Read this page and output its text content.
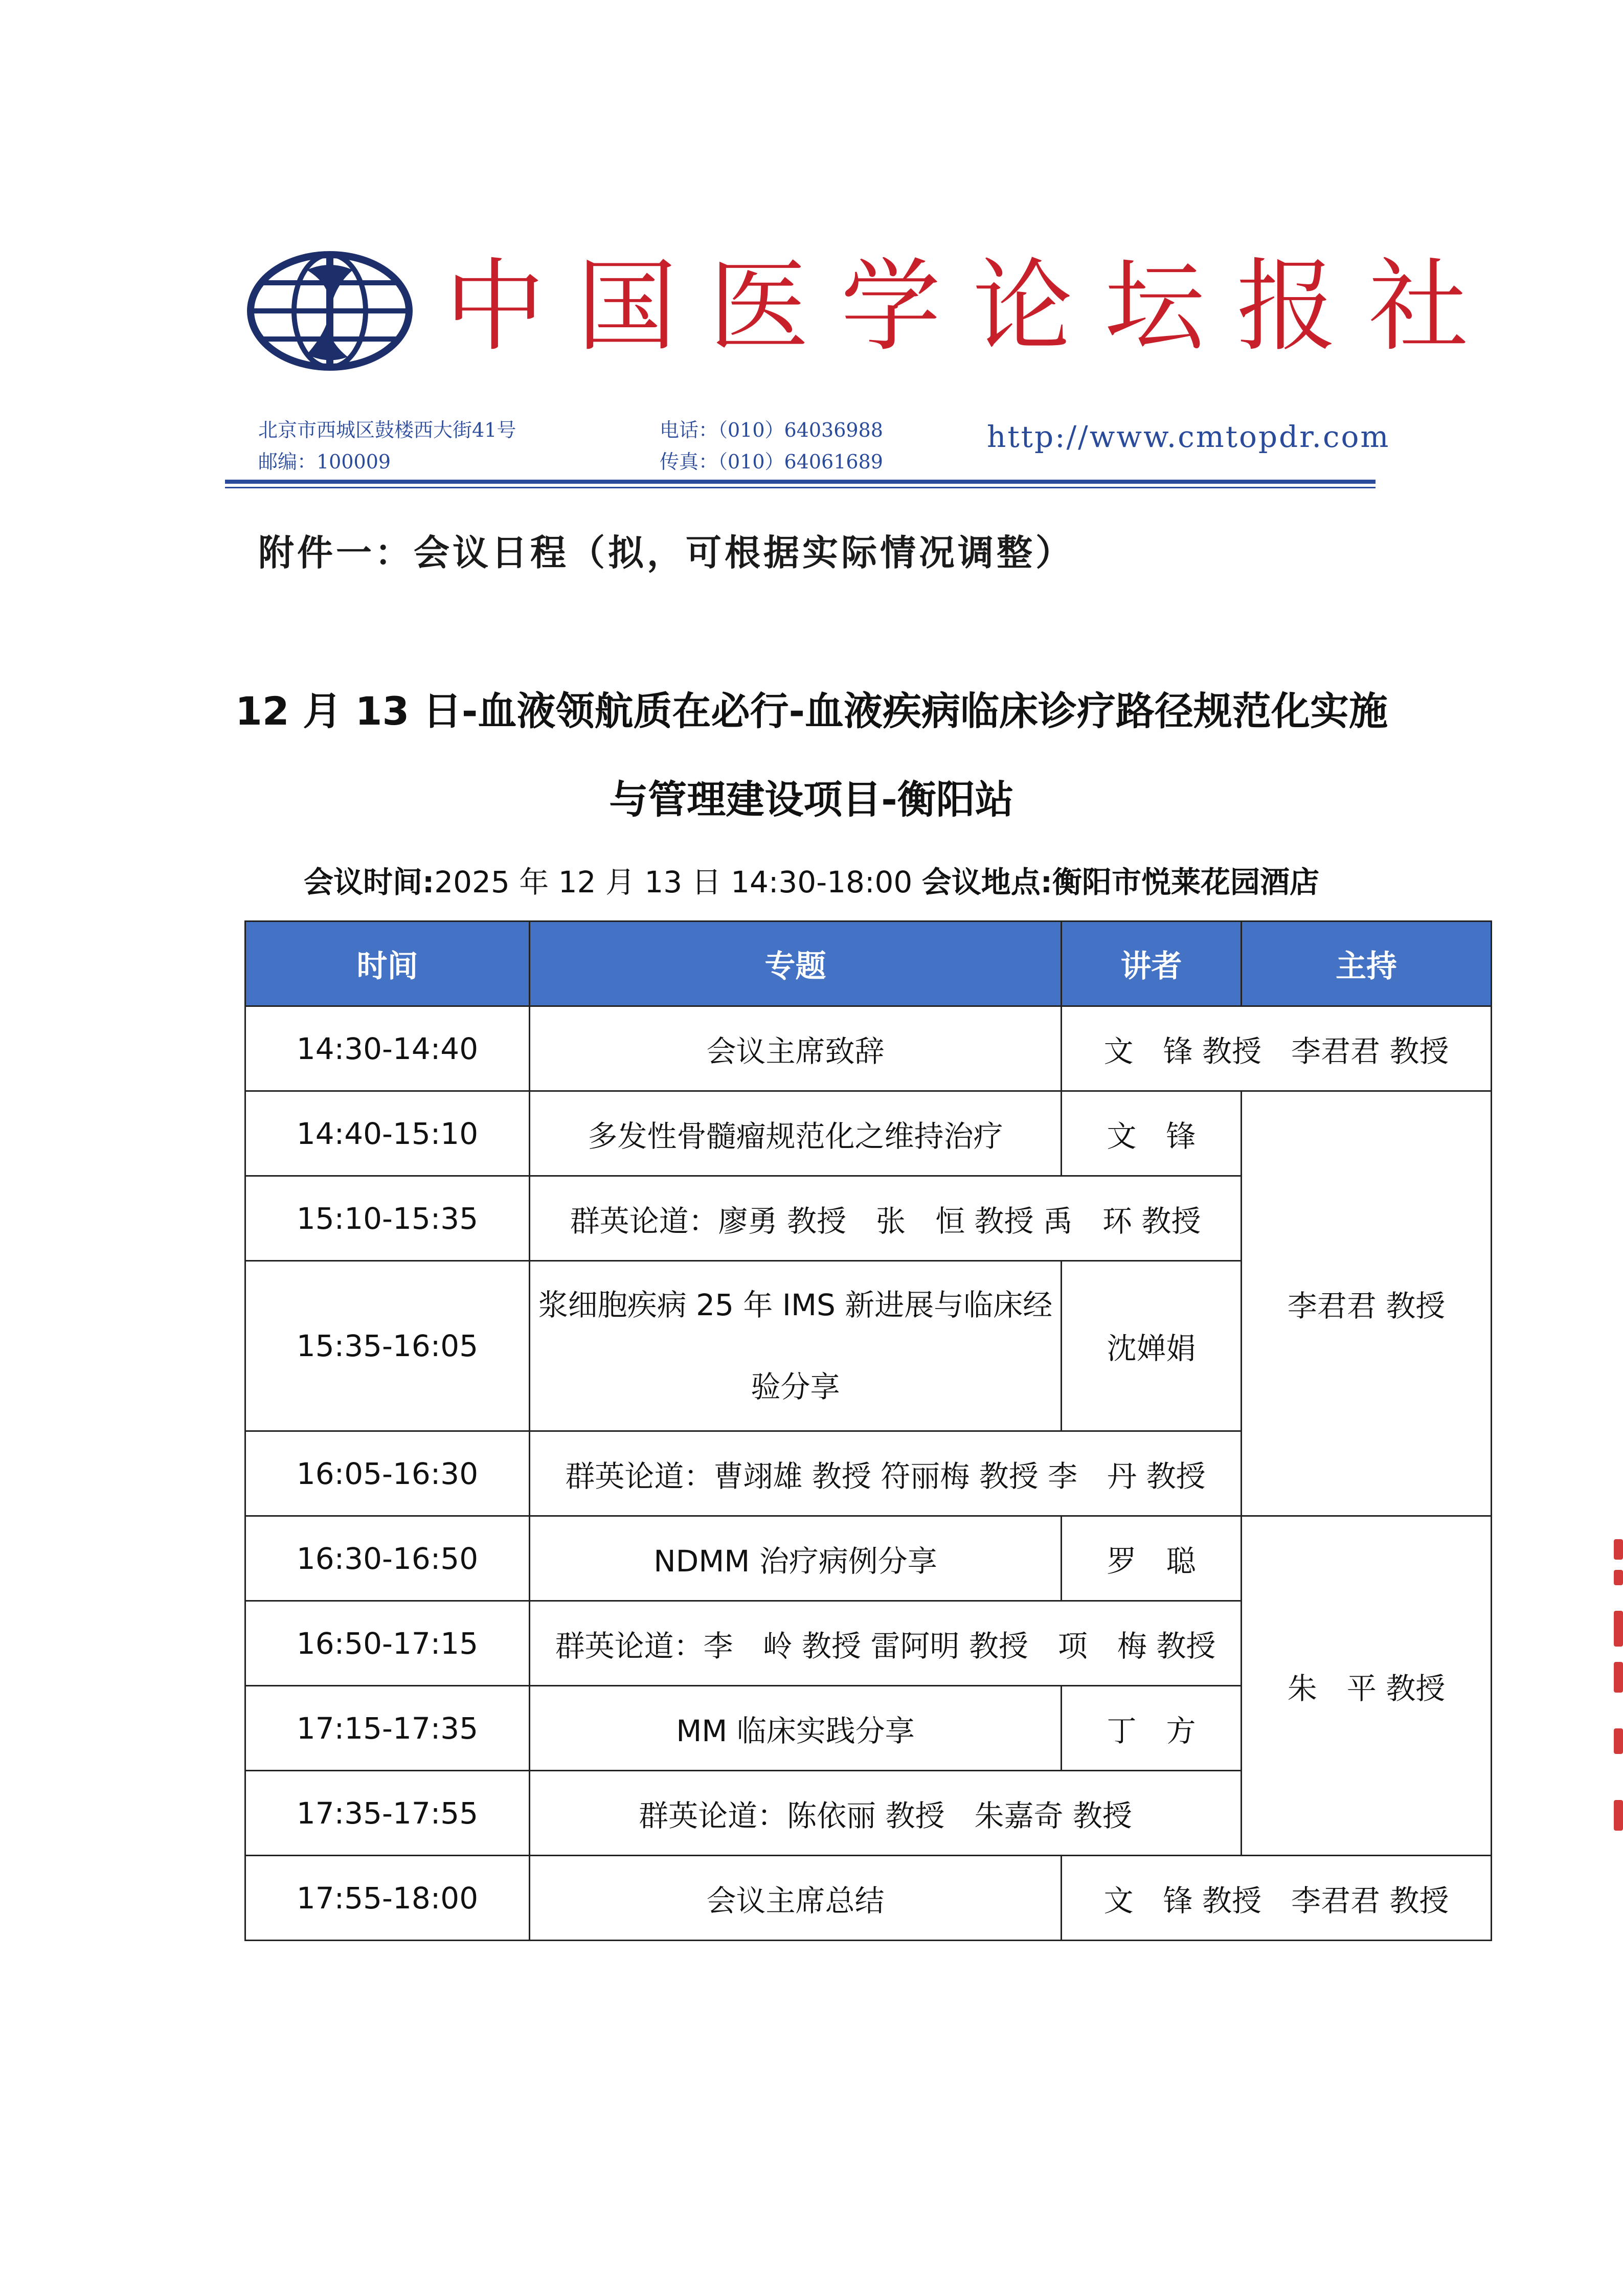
中国医学论坛报社
北京市西城区鼓楼西大街41号
邮编：100009
电话：（010）64036988
传真：（010）64061689
http://www.cmtopdr.com
附件一：会议日程（拟，可根据实际情况调整）
12 月 13 日-血液领航质在必行-血液疾病临床诊疗路径规范化实施
与管理建设项目-衡阳站
会议时间:2025 年 12 月 13 日 14:30-18:00 会议地点:衡阳市悦莱花园酒店
时间	专题	讲者	主持
14:30-14:40	会议主席致辞	文　锋 教授　李君君 教授	
14:40-15:10	多发性骨髓瘤规范化之维持治疗	文　锋	李君君 教授
15:10-15:35	群英论道：廖勇 教授　张　恒 教授 禹　环 教授		
15:35-16:05	浆细胞疾病 25 年 IMS 新进展与临床经验分享	沈婵娟	
16:05-16:30	群英论道：曹翊雄 教授 符丽梅 教授 李　丹 教授		
16:30-16:50	NDMM 治疗病例分享	罗　聪	朱　平 教授
16:50-17:15	群英论道：李　岭 教授 雷阿明 教授　项　梅 教授		
17:15-17:35	MM 临床实践分享	丁　方	
17:35-17:55	群英论道：陈依丽 教授　朱嘉奇 教授		
17:55-18:00	会议主席总结	文　锋 教授　李君君 教授	
